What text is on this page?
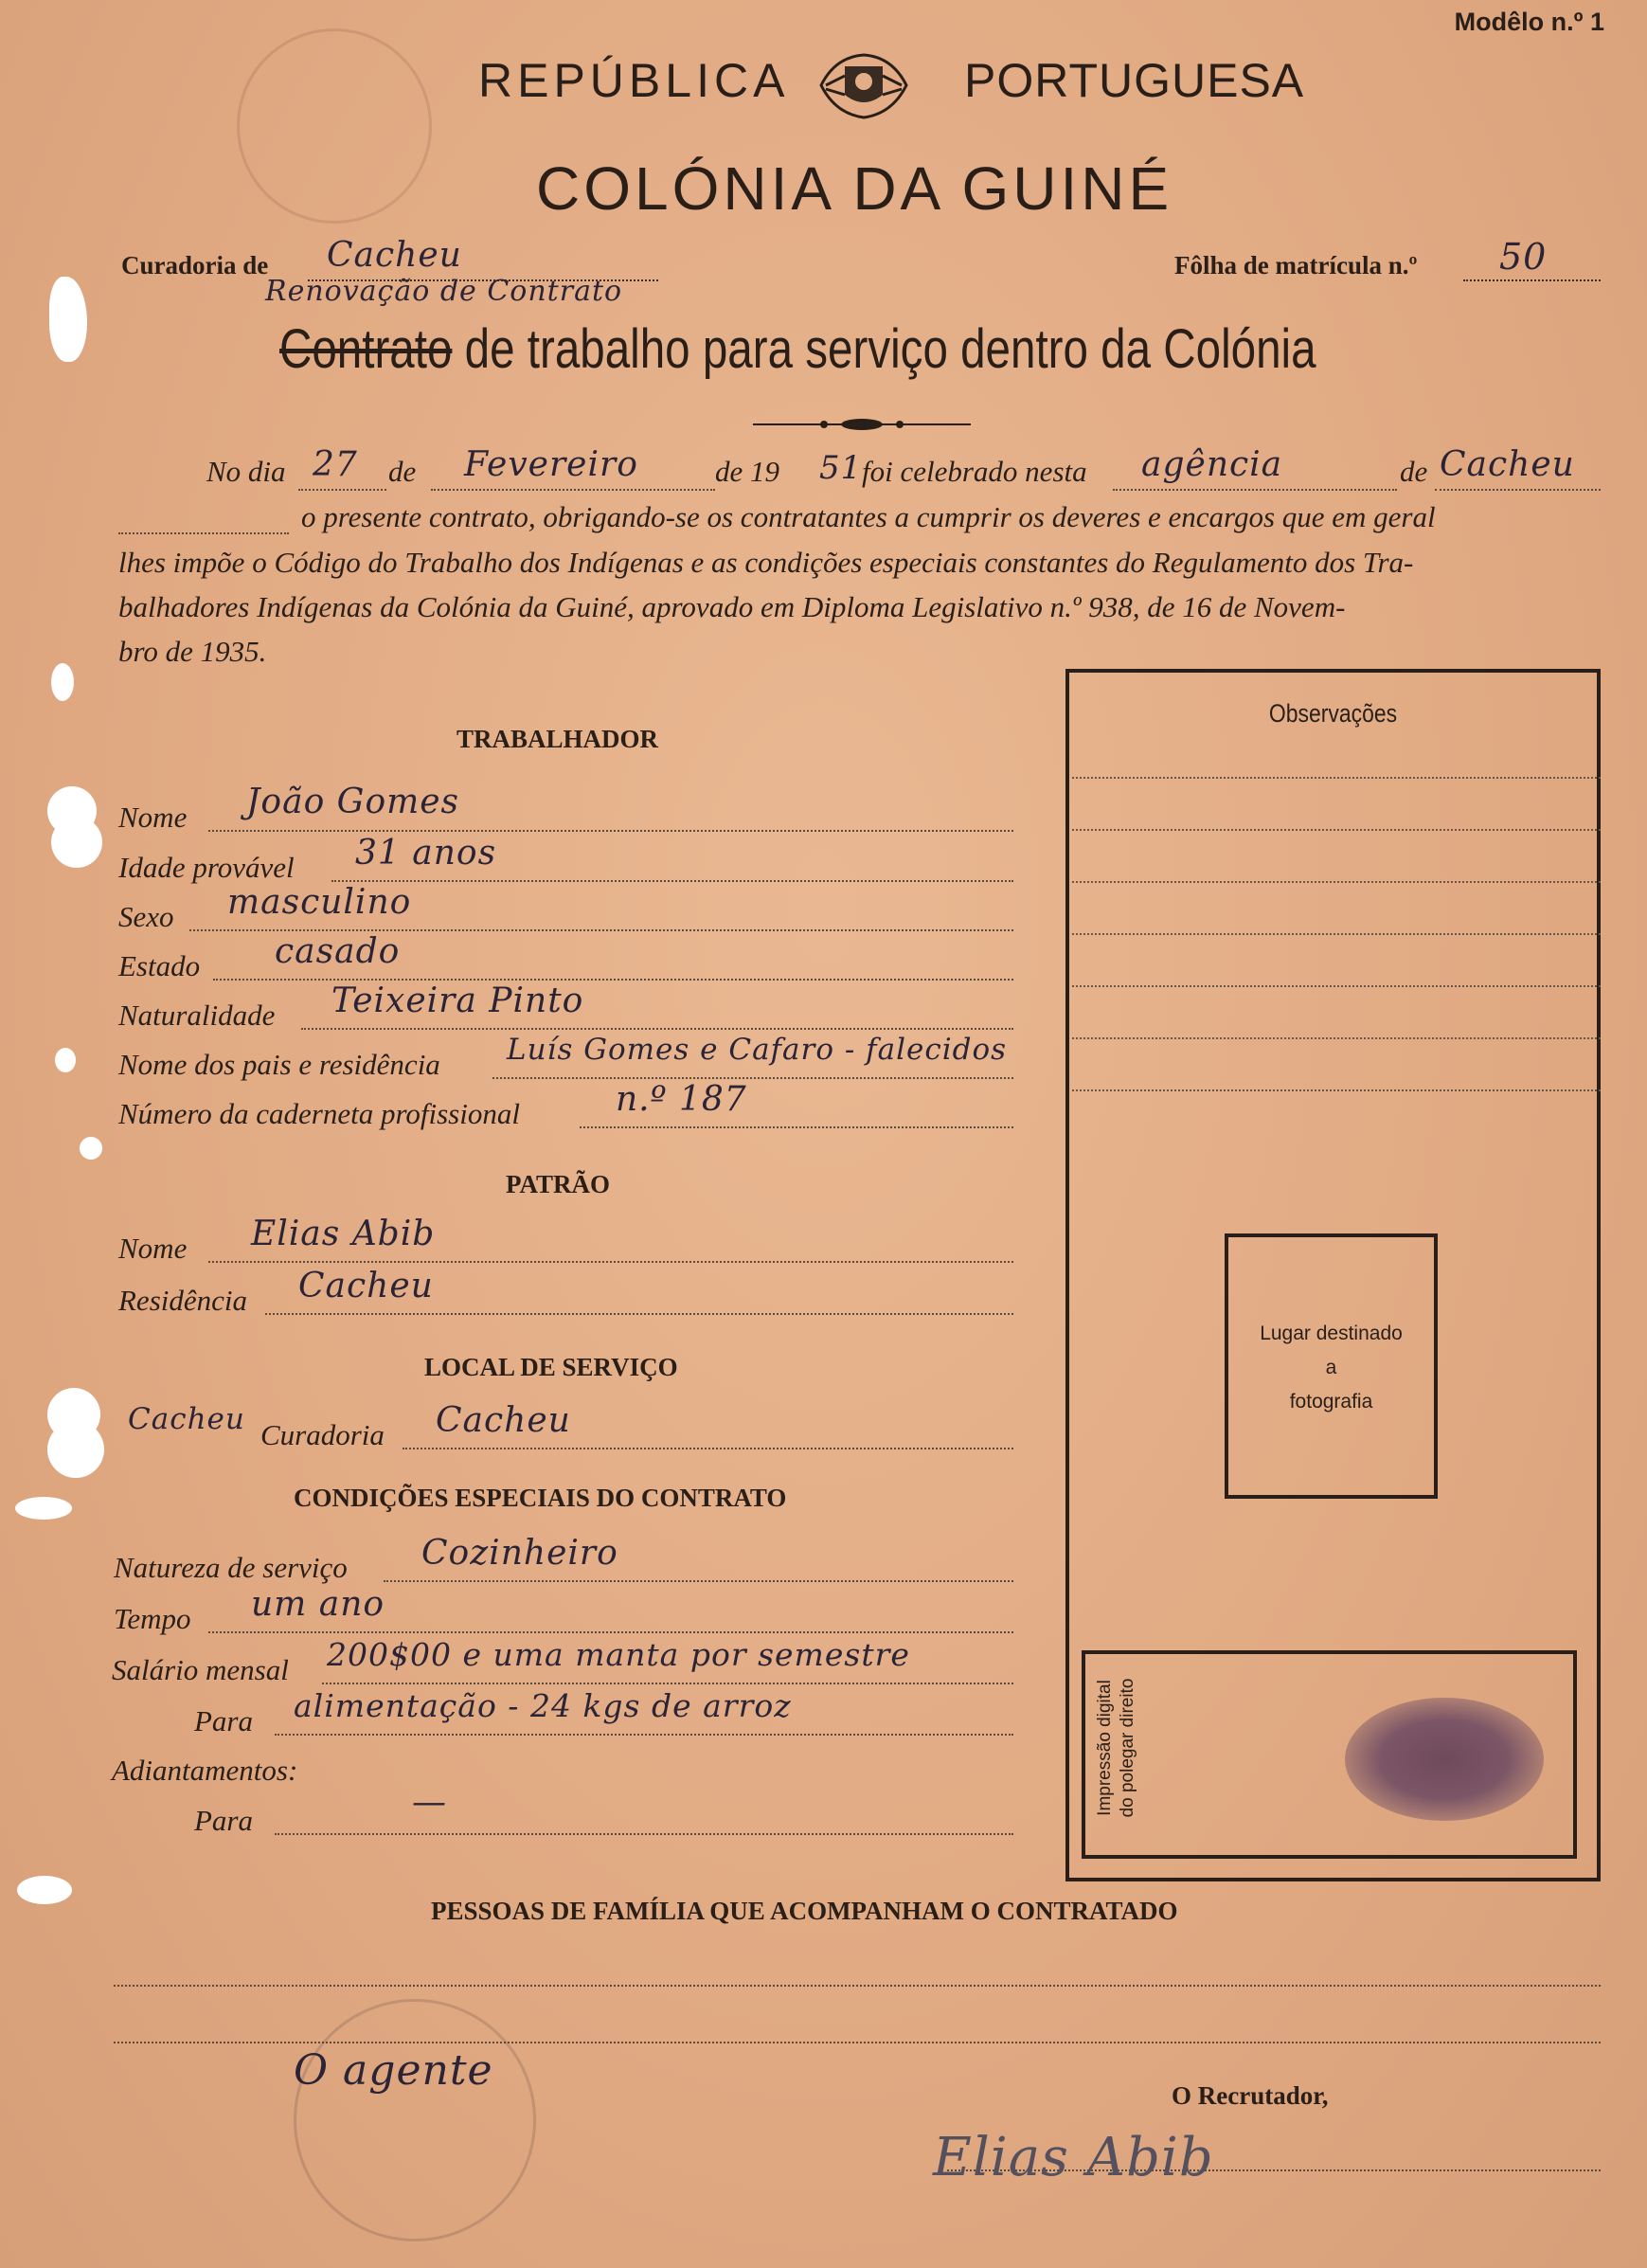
Modêlo n.º 1
REPÚBLICA	PORTUGUESA
COLÓNIA DA GUINÉ
Curadoria de Cacheu	Fôlha de matrícula n.º 50
Renovação de Contrato
Contrato de trabalho para serviço dentro da Colónia
No dia 27 de Fevereiro	de 19 51 foi celebrado nesta agência	de Cacheu
o presente contrato, obrigando-se os contratantes a cumprir os deveres e encargos que em geral
lhes impõe o Código do Trabalho dos Indígenas e as condições especiais constantes do Regulamento dos Tra-
balhadores Indígenas da Colónia da Guiné, aprovado em Diploma Legislativo n.º 938, de 16 de Novem-
bro de 1935.
Observações
Lugar destinado
a
fotografia
Impressão digital do polegar direito
TRABALHADOR
Nome João Gomes
Idade provável 31 anos
Sexo masculino
Estado casado
Naturalidade Teixeira Pinto
Nome dos pais e residência Luís Gomes e Cafaro - falecidos
Número da caderneta profissional	n.º 187
PATRÃO
Nome Elias Abib
Residência Cacheu
LOCAL DE SERVIÇO
Cacheu Curadoria Cacheu
CONDIÇÕES ESPECIAIS DO CONTRATO
Natureza de serviço Cozinheiro
Tempo um ano
Salário mensal 200$00 e uma manta por semestre
Para alimentação - 24 kgs de arroz
Adiantamentos:
Para	—
PESSOAS DE FAMÍLIA QUE ACOMPANHAM O CONTRATADO
O agente
O Recrutador,
Elias Abib
